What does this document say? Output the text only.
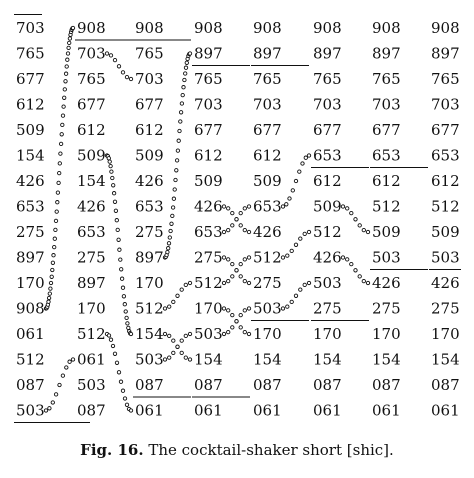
703
765
677
612
509
154
426
653
275
897
170
908
061
512
087
503
908
703
765
677
612
509
154
426
653
275
897
170
512
061
503
087
908
765
703
677
612
509
426
653
275
897
170
512
154
503
087
061
908
897
765
703
677
612
509
426
653
275
512
170
503
154
087
061
908
897
765
703
677
612
509
653
426
512
275
503
170
154
087
061
908
897
765
703
677
653
612
509
512
426
503
275
170
154
087
061
908
897
765
703
677
653
612
512
509
503
426
275
170
154
087
061
908
897
765
703
677
653
612
512
509
503
426
275
170
154
087
061
Fig. 16. The cocktail-shaker short [shic].
